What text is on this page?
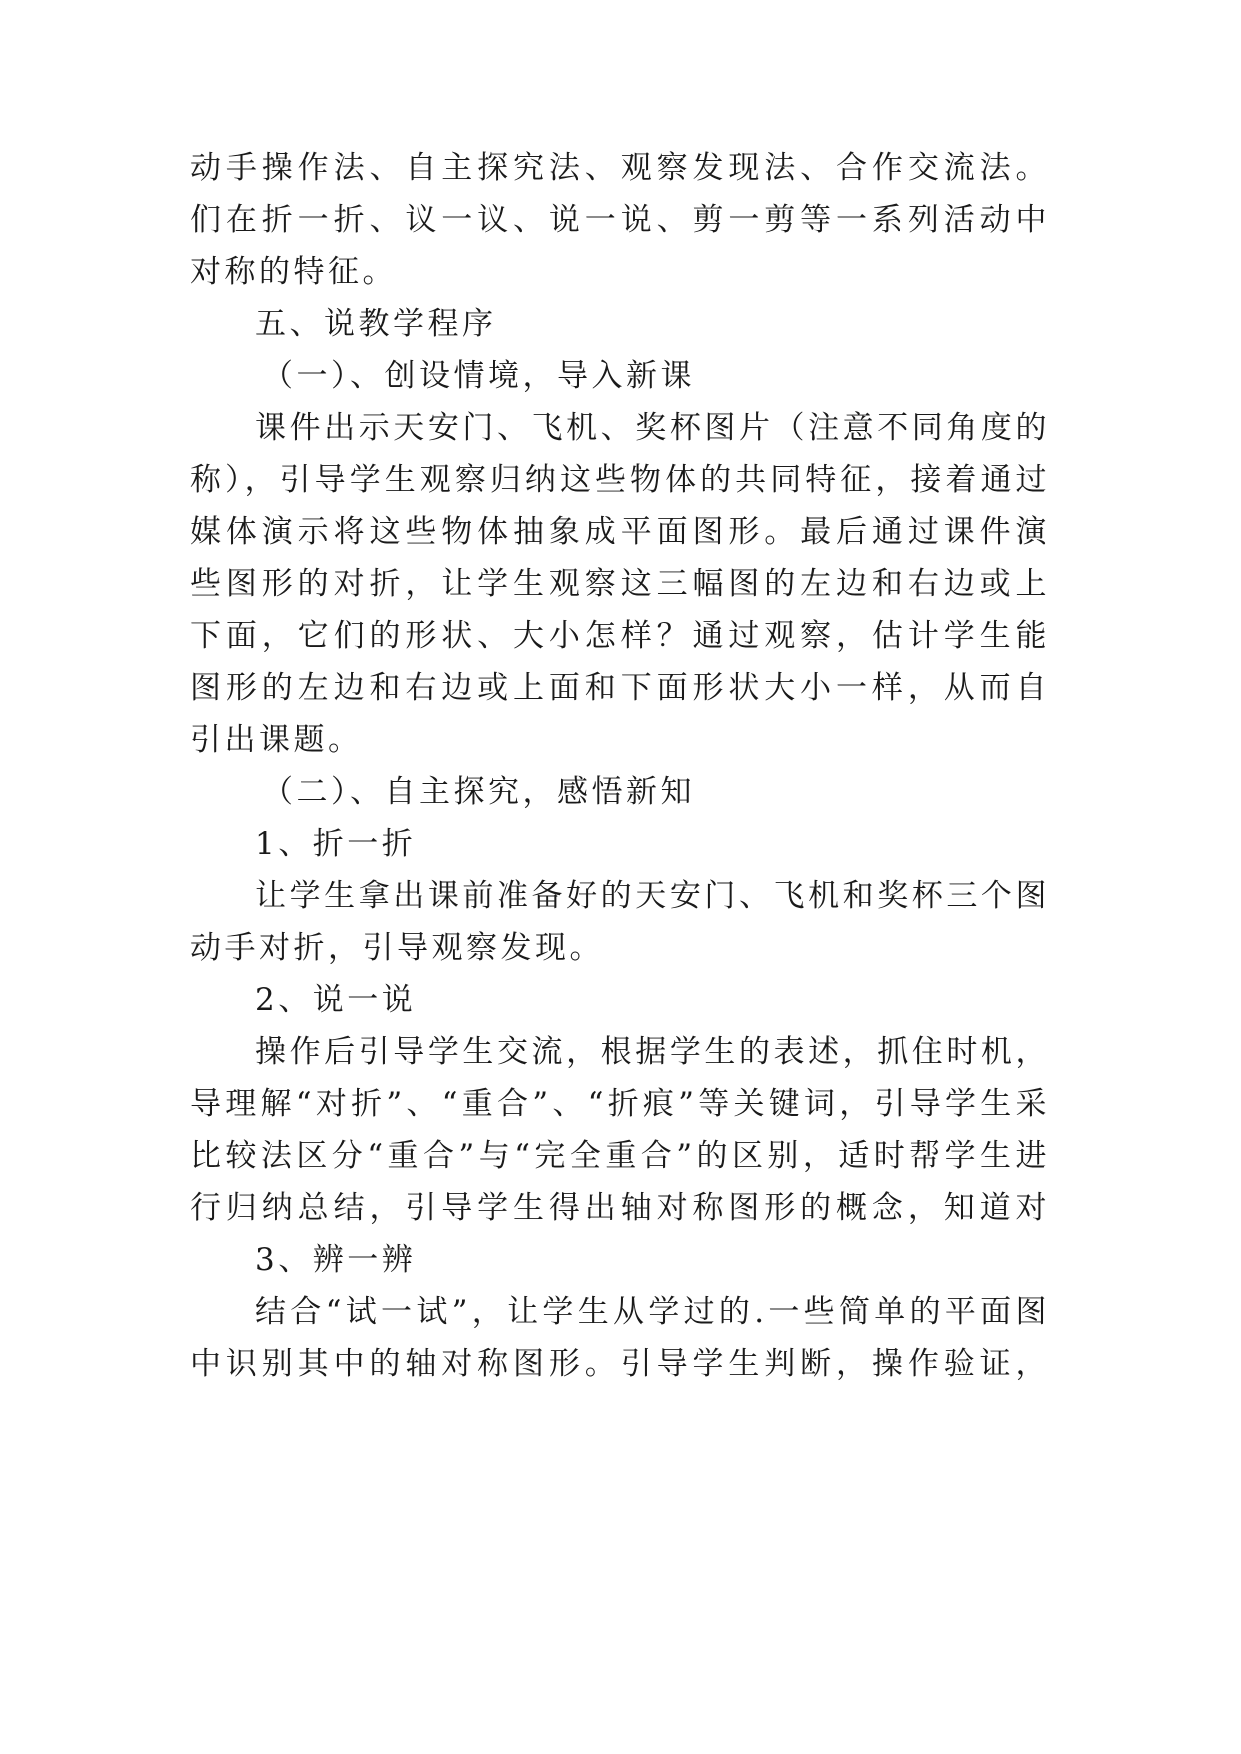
动手操作法、自主探究法、观察发现法、合作交流法。
们在折一折、议一议、说一说、剪一剪等一系列活动中
对称的特征。
五、说教学程序
（一）、创设情境，导入新课
课件出示天安门、飞机、奖杯图片（注意不同角度的
称），引导学生观察归纳这些物体的共同特征，接着通过
媒体演示将这些物体抽象成平面图形。最后通过课件演
些图形的对折，让学生观察这三幅图的左边和右边或上
下面，它们的形状、大小怎样？通过观察，估计学生能
图形的左边和右边或上面和下面形状大小一样，从而自
引出课题。
（二）、自主探究，感悟新知
1、折一折
让学生拿出课前准备好的天安门、飞机和奖杯三个图
动手对折，引导观察发现。
2、说一说
操作后引导学生交流，根据学生的表述，抓住时机，
导理解“对折”、“重合”、“折痕”等关键词，引导学生采
比较法区分“重合”与“完全重合”的区别，适时帮学生进
行归纳总结，引导学生得出轴对称图形的概念，知道对
3、辨一辨
结合“试一试”，让学生从学过的.一些简单的平面图
中识别其中的轴对称图形。引导学生判断，操作验证，
